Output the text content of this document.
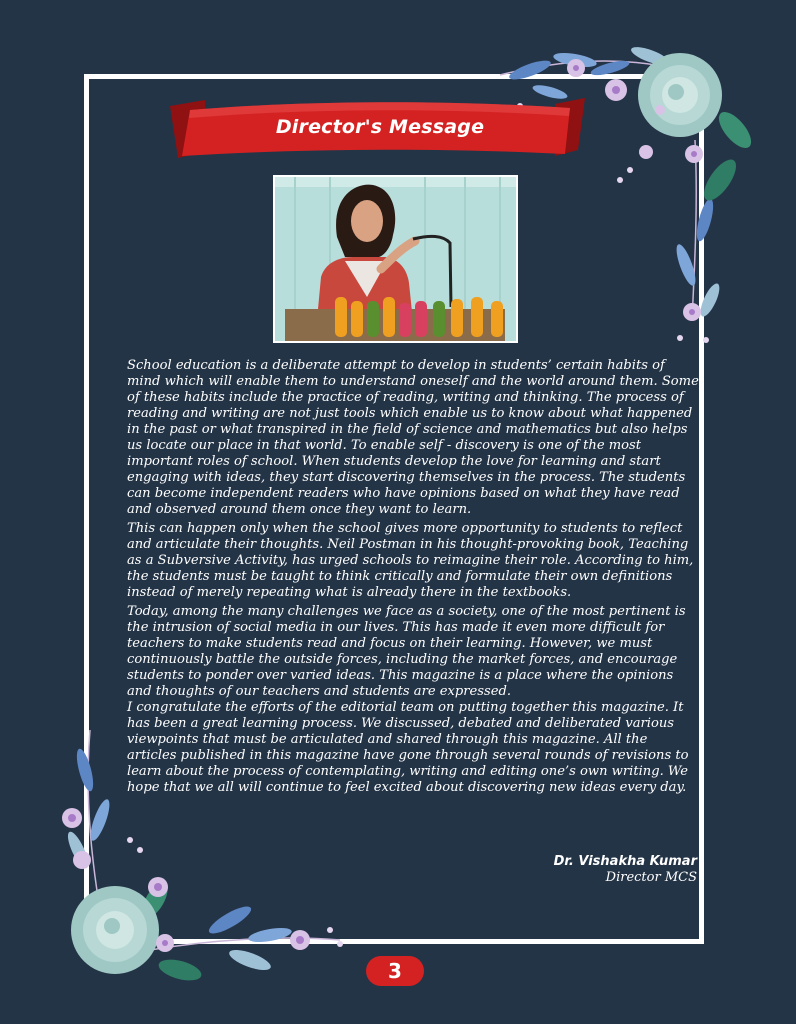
Director's Message

School education is a deliberate attempt to develop in students’ certain habits of mind which will enable them to understand oneself and the world around them. Some of these habits include the practice of reading, writing and thinking. The process of reading and writing are not just tools which enable us to know about what happened in the past or what transpired in the field of science and mathematics but also helps us locate our place in that world. To enable self - discovery is one of the most important roles of school. When students develop the love for learning and start engaging with ideas, they start discovering themselves in the process. The students can become independent readers who have opinions based on what they have read and observed around them once they want to learn.

This can happen only when the school gives more opportunity to students to reflect and articulate their thoughts. Neil Postman in his thought-provoking book, Teaching as a Subversive Activity, has urged schools to reimagine their role. According to him, the students must be taught to think critically and formulate their own definitions instead of merely repeating what is already there in the textbooks.

Today, among the many challenges we face as a society, one of the most pertinent is the intrusion of social media in our lives. This has made it even more difficult for teachers to make students read and focus on their learning. However, we must continuously battle the outside forces, including the market forces, and encourage students to ponder over varied ideas. This magazine is a place where the opinions and thoughts of our teachers and students are expressed.

I congratulate the efforts of the editorial team on putting together this magazine. It has been a great learning process. We discussed, debated and deliberated various viewpoints that must be articulated and shared through this magazine. All the articles published in this magazine have gone through several rounds of revisions to learn about the process of contemplating, writing and editing one’s own writing. We hope that we all will continue to feel excited about discovering new ideas every day.

Dr. Vishakha Kumar
Director MCS
3
